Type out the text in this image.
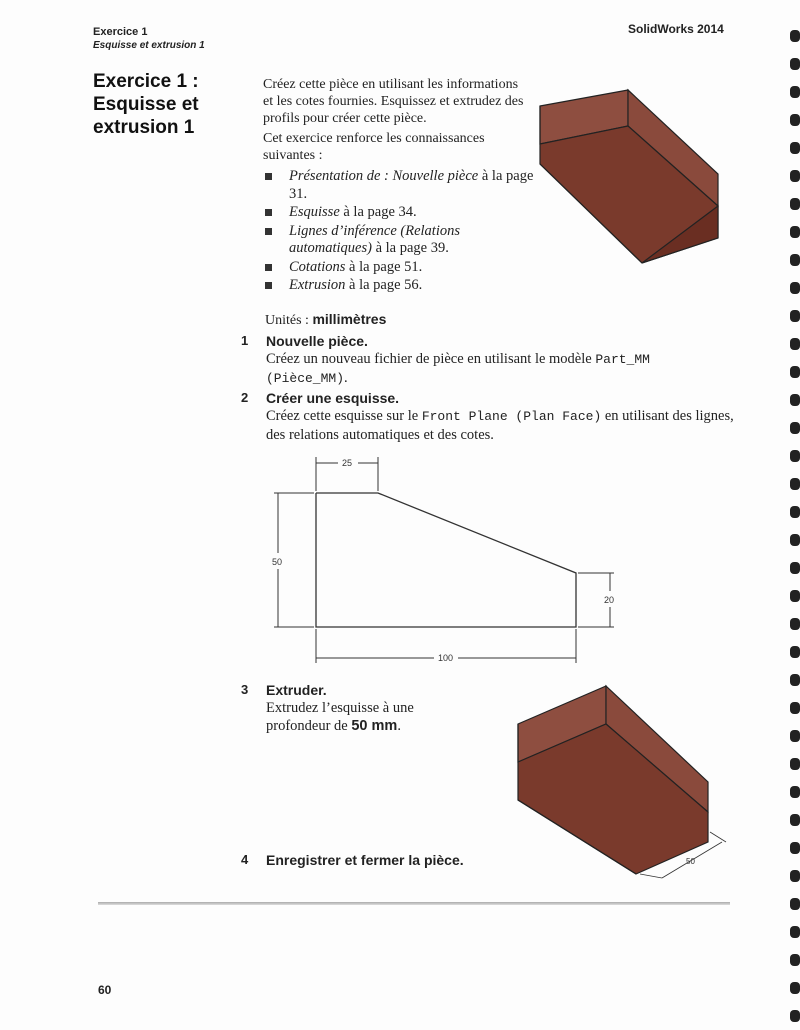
Exercice 1
Esquisse et extrusion 1
SolidWorks 2014
Exercice 1 : Esquisse et extrusion 1

Créez cette pièce en utilisant les informations et les cotes fournies. Esquissez et extrudez des profils pour créer cette pièce.

Cet exercice renforce les connaissances suivantes :

Présentation de : Nouvelle pièce à la page 31.
Esquisse à la page 34.
Lignes d’inférence (Relations automatiques) à la page 39.
Cotations à la page 51.
Extrusion à la page 56.
Unités : millimètres
1 Nouvelle pièce.
Créez un nouveau fichier de pièce en utilisant le modèle Part_MM (Pièce_MM).
2 Créer une esquisse.
Créez cette esquisse sur le Front Plane (Plan Face) en utilisant des lignes, des relations automatiques et des cotes.
25
50
20
100
3 Extruder.
Extrudez l’esquisse à une profondeur de 50 mm.
50
4 Enregistrer et fermer la pièce.
60
